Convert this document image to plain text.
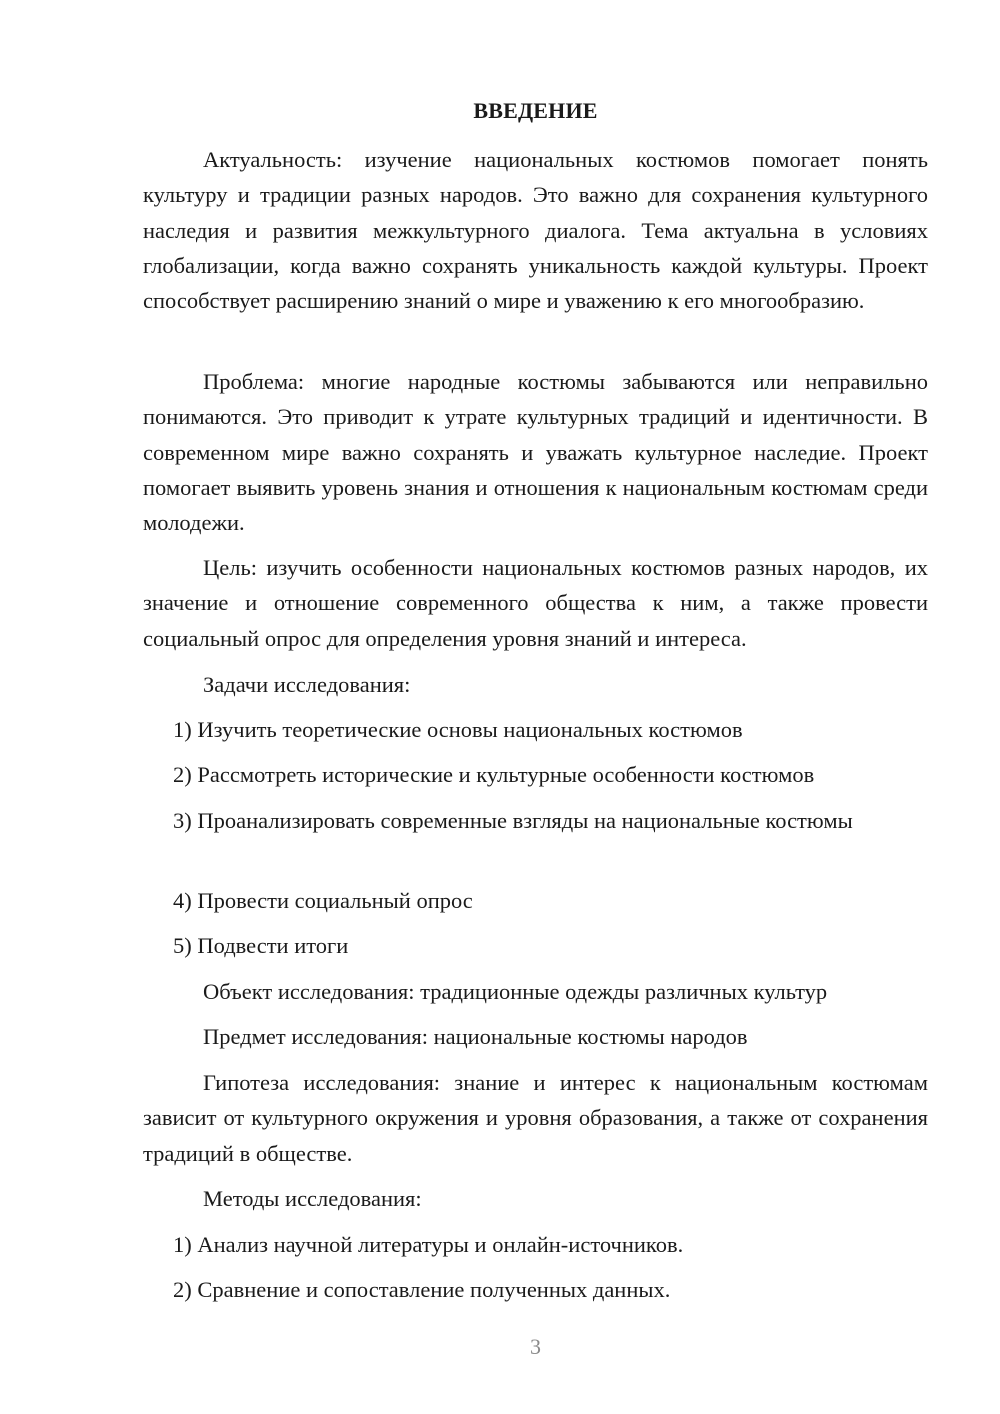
ВВЕДЕНИЕ
Актуальность: изучение национальных костюмов помогает понять культуру и традиции разных народов. Это важно для сохранения культурного наследия и развития межкультурного диалога. Тема актуальна в условиях глобализации, когда важно сохранять уникальность каждой культуры. Проект способствует расширению знаний о мире и уважению к его многообразию.
Проблема: многие народные костюмы забываются или неправильно понимаются. Это приводит к утрате культурных традиций и идентичности. В современном мире важно сохранять и уважать культурное наследие. Проект помогает выявить уровень знания и отношения к национальным костюмам среди молодежи.
Цель: изучить особенности национальных костюмов разных народов, их значение и отношение современного общества к ним, а также провести социальный опрос для определения уровня знаний и интереса.
Задачи исследования:
1) Изучить теоретические основы национальных костюмов
2) Рассмотреть исторические и культурные особенности костюмов
3) Проанализировать современные взгляды на национальные костюмы
4) Провести социальный опрос
5) Подвести итоги
Объект исследования: традиционные одежды различных культур
Предмет исследования: национальные костюмы народов
Гипотеза исследования: знание и интерес к национальным костюмам зависит от культурного окружения и уровня образования, а также от сохранения традиций в обществе.
Методы исследования:
1) Анализ научной литературы и онлайн-источников.
2) Сравнение и сопоставление полученных данных.
3
